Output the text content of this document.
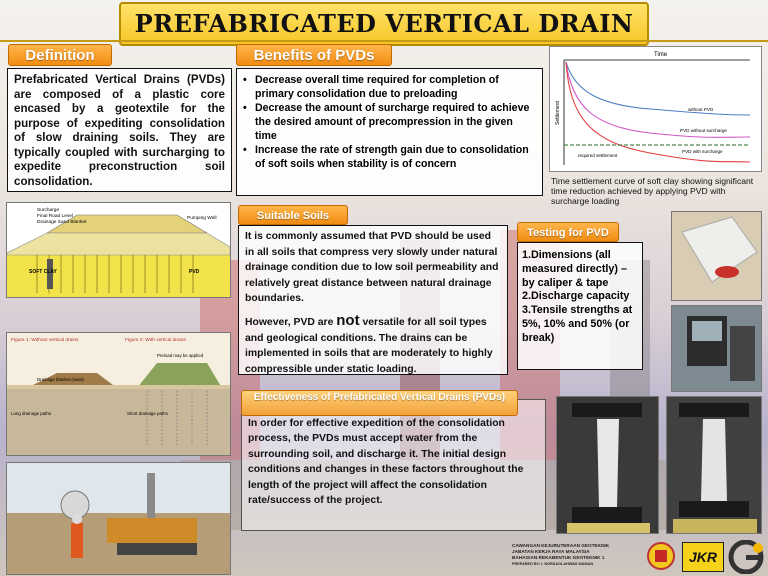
PREFABRICATED VERTICAL DRAIN
Definition

Prefabricated Vertical Drains (PVDs) are composed of a plastic core encased by a geotextile for the purpose of expediting consolidation of slow draining soils. They are typically coupled with surcharging to expedite preconstruction soil consolidation.

Benefits of PVDs
• Decrease overall time required for completion of primary consolidation due to preloading
• Decrease the amount of surcharge required to achieve the desired amount of precompression in the given time
• Increase the rate of strength gain due to consolidation of soft soils when stability is of concern
Time
Settlement	without PVD
PVD without surcharge
PVD with surcharge
required settlement
Time settlement curve of soft clay showing significant time reduction achieved by applying PVD with surcharge loading
Surcharge
Final Road Level
Drainage Sand Blanket
Pumping Well
SOFT CLAY	PVD
Figure 1: Without vertical drains	Figure 2: With vertical drains
Drainage blanket (sand)
Preload may be applied
Long drainage paths	Short drainage paths
Suitable Soils

It is commonly assumed that PVD should be used in all soils that compress very slowly under natural drainage condition due to low soil permeability and relatively great distance between natural drainage boundaries.

However, PVD are not versatile for all soil types and geological conditions. The drains can be implemented in soils that are moderately to highly compressible under static loading.

Testing for PVD
1.Dimensions (all measured directly) – by caliper & tape
2.Discharge capacity
3.Tensile strengths at 5%, 10% and 50% (or break)

In order for effective expedition of the consolidation process, the PVDs must accept water from the surrounding soil, and discharge it. The initial design conditions and changes in these factors throughout the length of the project will affect the consolidation rate/success of the project.

Effectiveness of Prefabricated Vertical Drains (PVDs)
CAWANGAN KEJURUTERAAN GEOTEKNIK
JABATAN KERJA RAYA MALAYSIA
BAHAGIAN REKABENTUK GEOTEKNIK 1
PREPARED BY: I. NORSAOLAHWAS MAMAN	JKR
